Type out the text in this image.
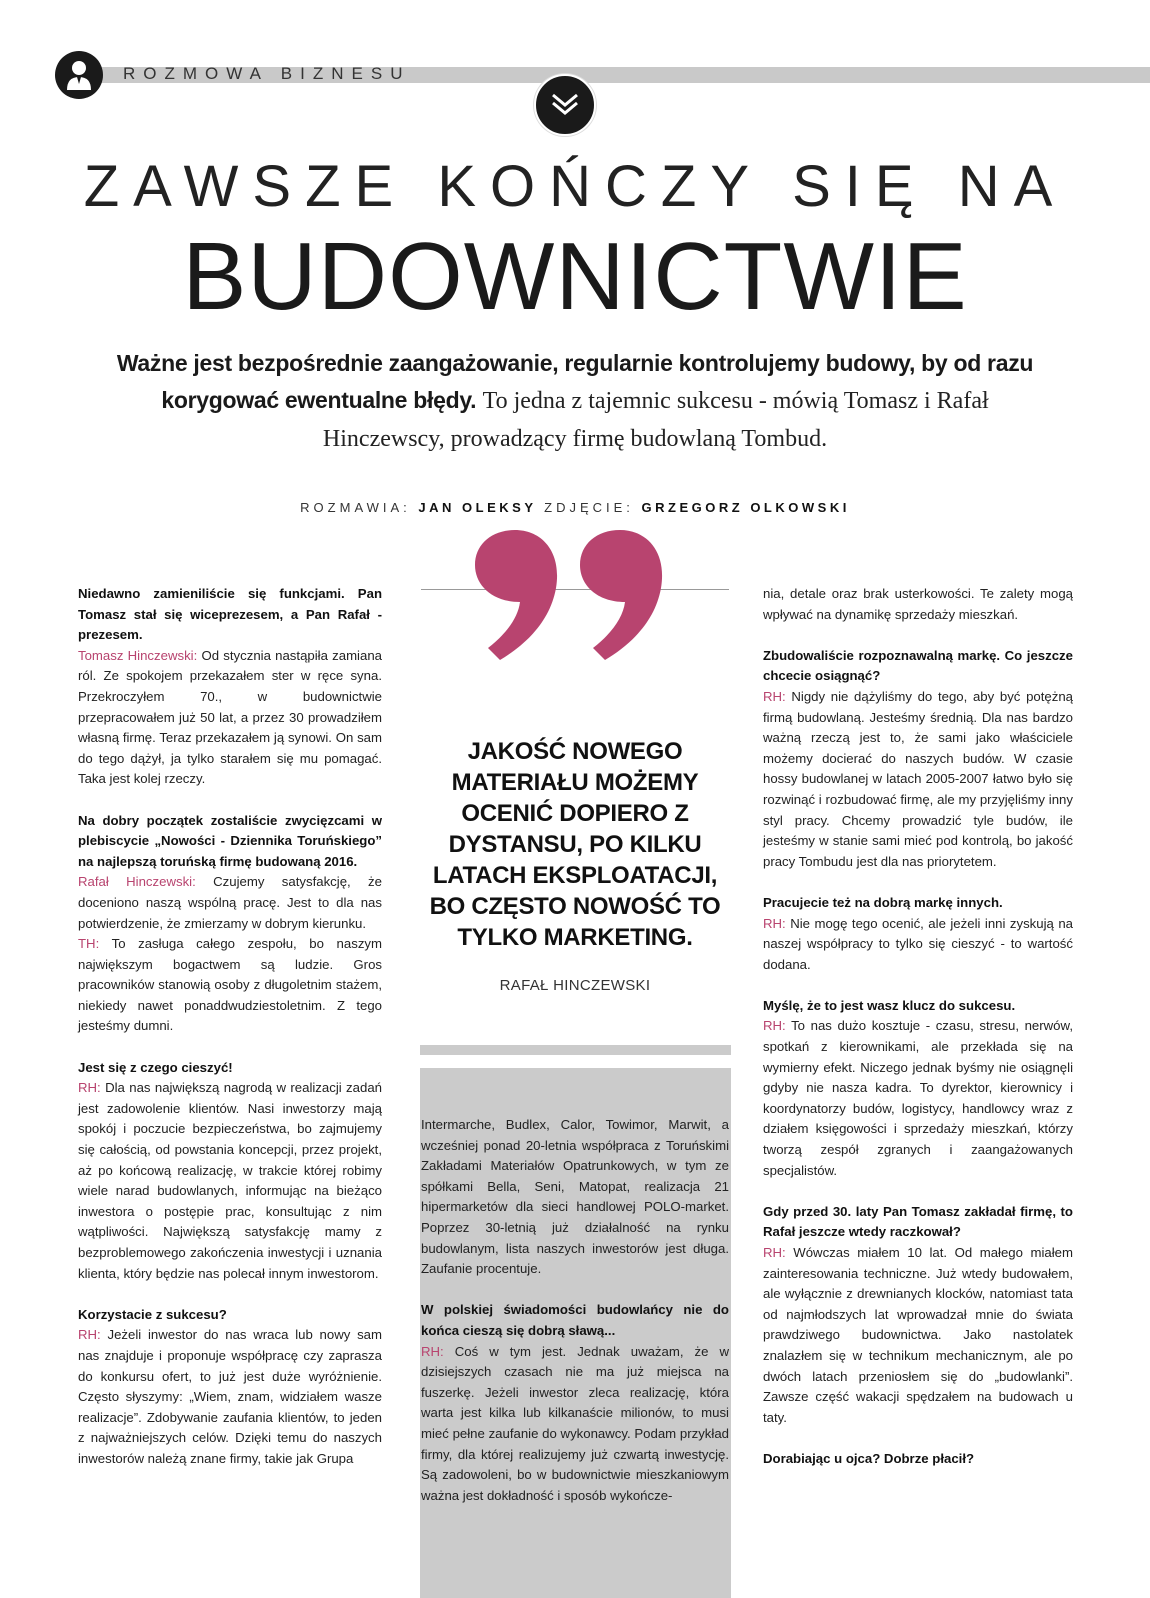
ROZMOWA BIZNESU
ZAWSZE KOŃCZY SIĘ NA
BUDOWNICTWIE
Ważne jest bezpośrednie zaangażowanie, regularnie kontrolujemy budowy, by od razu korygować ewentualne błędy. To jedna z tajemnic sukcesu - mówią Tomasz i Rafał Hinczewscy, prowadzący firmę budowlaną Tombud.
ROZMAWIA: JAN OLEKSY ZDJĘCIE: GRZEGORZ OLKOWSKI
JAKOŚĆ NOWEGO MATERIAŁU MOŻEMY OCENIĆ DOPIERO Z DYSTANSU, PO KILKU LATACH EKSPLOATACJI, BO CZĘSTO NOWOŚĆ TO TYLKO MARKETING.
RAFAŁ HINCZEWSKI

Niedawno zamieniliście się funkcjami. Pan Tomasz stał się wiceprezesem, a Pan Rafał - prezesem.
Tomasz Hinczewski: Od stycznia nastąpiła zamiana ról. Ze spokojem przekazałem ster w ręce syna. Przekroczyłem 70., w budownictwie przepracowałem już 50 lat, a przez 30 prowadziłem własną firmę. Teraz przekazałem ją synowi. On sam do tego dążył, ja tylko starałem się mu pomagać. Taka jest kolej rzeczy.

Na dobry początek zostaliście zwycięzcami w plebiscycie „Nowości - Dziennika Toruńskiego” na najlepszą toruńską firmę budowaną 2016.
Rafał Hinczewski: Czujemy satysfakcję, że doceniono naszą wspólną pracę. Jest to dla nas potwierdzenie, że zmierzamy w dobrym kierunku.
TH: To zasługa całego zespołu, bo naszym największym bogactwem są ludzie. Gros pracowników stanowią osoby z długoletnim stażem, niekiedy nawet ponaddwudziestoletnim. Z tego jesteśmy dumni.

Jest się z czego cieszyć!
RH: Dla nas największą nagrodą w realizacji zadań jest zadowolenie klientów. Nasi inwestorzy mają spokój i poczucie bezpieczeństwa, bo zajmujemy się całością, od powstania koncepcji, przez projekt, aż po końcową realizację, w trakcie której robimy wiele narad budowlanych, informując na bieżąco inwestora o postępie prac, konsultując z nim wątpliwości. Największą satysfakcję mamy z bezproblemowego zakończenia inwestycji i uznania klienta, który będzie nas polecał innym inwestorom.

Korzystacie z sukcesu?
RH: Jeżeli inwestor do nas wraca lub nowy sam nas znajduje i proponuje współpracę czy zaprasza do konkursu ofert, to już jest duże wyróżnienie. Często słyszymy: „Wiem, znam, widziałem wasze realizacje”. Zdobywanie zaufania klientów, to jeden z najważniejszych celów. Dzięki temu do naszych inwestorów należą znane firmy, takie jak Grupa

Intermarche, Budlex, Calor, Towimor, Marwit, a wcześniej ponad 20-letnia współpraca z Toruńskimi Zakładami Materiałów Opatrunkowych, w tym ze spółkami Bella, Seni, Matopat, realizacja 21 hipermarketów dla sieci handlowej POLO-market. Poprzez 30-letnią już działalność na rynku budowlanym, lista naszych inwestorów jest długa. Zaufanie procentuje.

W polskiej świadomości budowlańcy nie do końca cieszą się dobrą sławą...
RH: Coś w tym jest. Jednak uważam, że w dzisiejszych czasach nie ma już miejsca na fuszerkę. Jeżeli inwestor zleca realizację, która warta jest kilka lub kilkanaście milionów, to musi mieć pełne zaufanie do wykonawcy. Podam przykład firmy, dla której realizujemy już czwartą inwestycję. Są zadowoleni, bo w budownictwie mieszkaniowym ważna jest dokładność i sposób wykończe-

nia, detale oraz brak usterkowości. Te zalety mogą wpływać na dynamikę sprzedaży mieszkań.

Zbudowaliście rozpoznawalną markę. Co jeszcze chcecie osiągnąć?
RH: Nigdy nie dążyliśmy do tego, aby być potężną firmą budowlaną. Jesteśmy średnią. Dla nas bardzo ważną rzeczą jest to, że sami jako właściciele możemy docierać do naszych budów. W czasie hossy budowlanej w latach 2005-2007 łatwo było się rozwinąć i rozbudować firmę, ale my przyjęliśmy inny styl pracy. Chcemy prowadzić tyle budów, ile jesteśmy w stanie sami mieć pod kontrolą, bo jakość pracy Tombudu jest dla nas priorytetem.

Pracujecie też na dobrą markę innych.
RH: Nie mogę tego ocenić, ale jeżeli inni zyskują na naszej współpracy to tylko się cieszyć - to wartość dodana.

Myślę, że to jest wasz klucz do sukcesu.
RH: To nas dużo kosztuje - czasu, stresu, nerwów, spotkań z kierownikami, ale przekłada się na wymierny efekt. Niczego jednak byśmy nie osiągnęli gdyby nie nasza kadra. To dyrektor, kierownicy i koordynatorzy budów, logistycy, handlowcy wraz z działem księgowości i sprzedaży mieszkań, którzy tworzą zespół zgranych i zaangażowanych specjalistów.

Gdy przed 30. laty Pan Tomasz zakładał firmę, to Rafał jeszcze wtedy raczkował?
RH: Wówczas miałem 10 lat. Od małego miałem zainteresowania techniczne. Już wtedy budowałem, ale wyłącznie z drewnianych klocków, natomiast tata od najmłodszych lat wprowadzał mnie do świata prawdziwego budownictwa. Jako nastolatek znalazłem się w technikum mechanicznym, ale po dwóch latach przeniosłem się do „budowlanki”. Zawsze część wakacji spędzałem na budowach u taty.

Dorabiając u ojca? Dobrze płacił?
